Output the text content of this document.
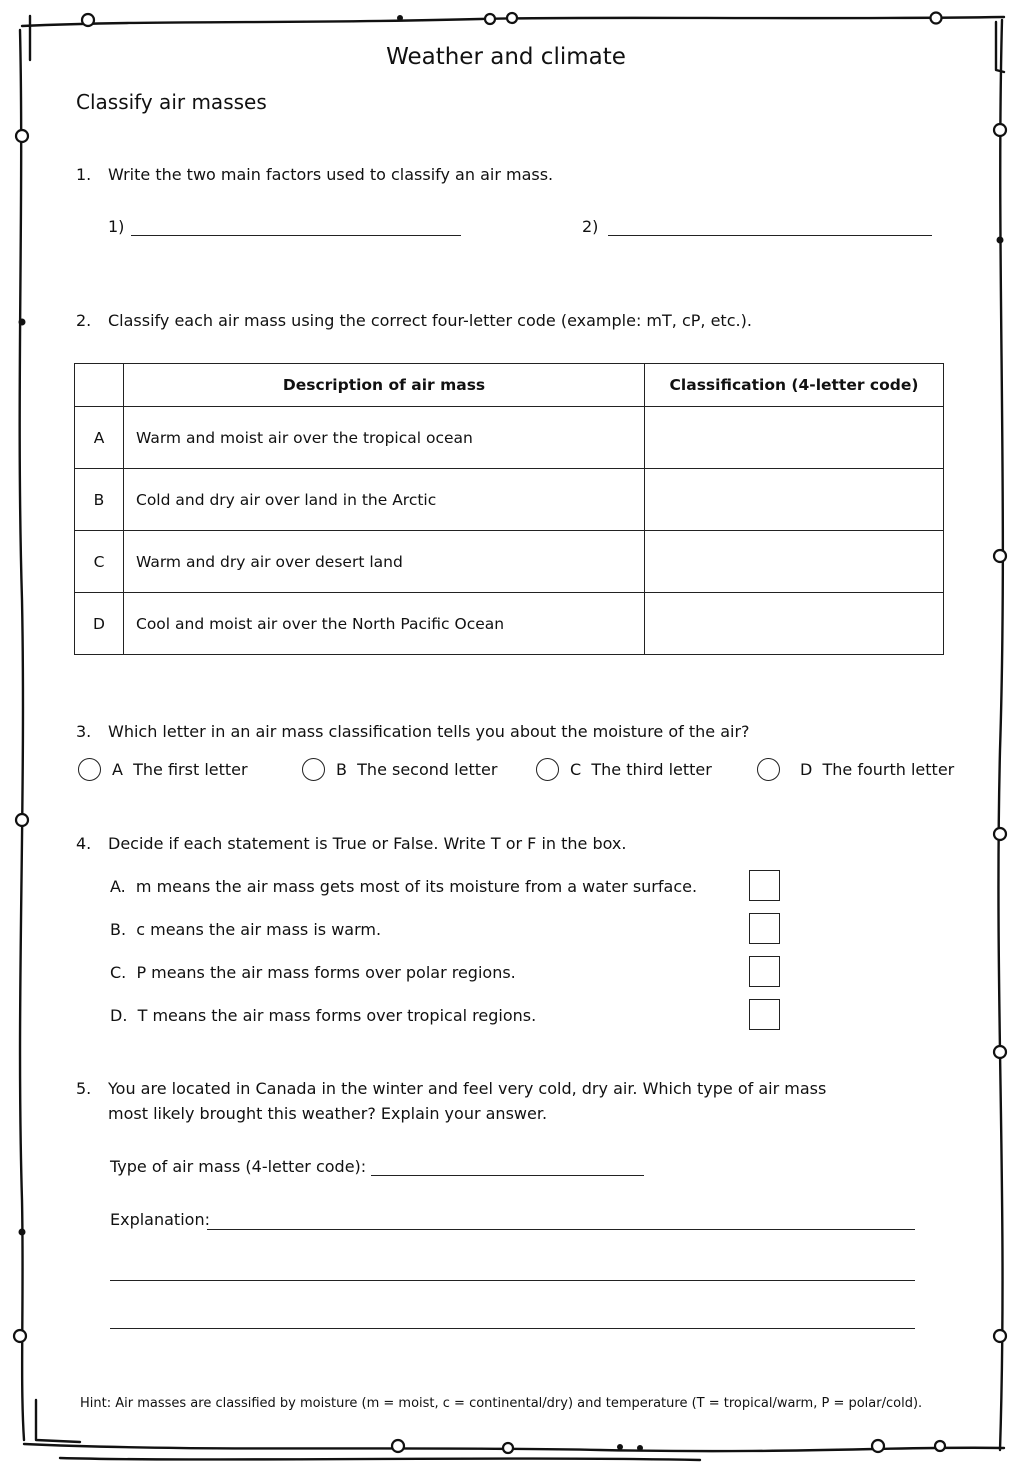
Weather and climate
Classify air masses
1. Write the two main factors used to classify an air mass.
1)	2)
2. Classify each air mass using the correct four-letter code (example: mT, cP, etc.).
	Description of air mass	Classification (4-letter code)
A	Warm and moist air over the tropical ocean	
B	Cold and dry air over land in the Arctic	
C	Warm and dry air over desert land	
D	Cool and moist air over the North Pacific Ocean	
3. Which letter in an air mass classification tells you about the moisture of the air?
A
The first letter	B
The second letter	C
The third letter	D
The fourth letter
4. Decide if each statement is True or False. Write T or F in the box.
A. m means the air mass gets most of its moisture from a water surface.
B. c means the air mass is warm.
C. P means the air mass forms over polar regions.
D. T means the air mass forms over tropical regions.
5. You are located in Canada in the winter and feel very cold, dry air. Which type of air mass
most likely brought this weather? Explain your answer.
Type of air mass (4-letter code):
Explanation:
Hint: Air masses are classified by moisture (m = moist, c = continental/dry) and temperature (T = tropical/warm, P = polar/cold).
